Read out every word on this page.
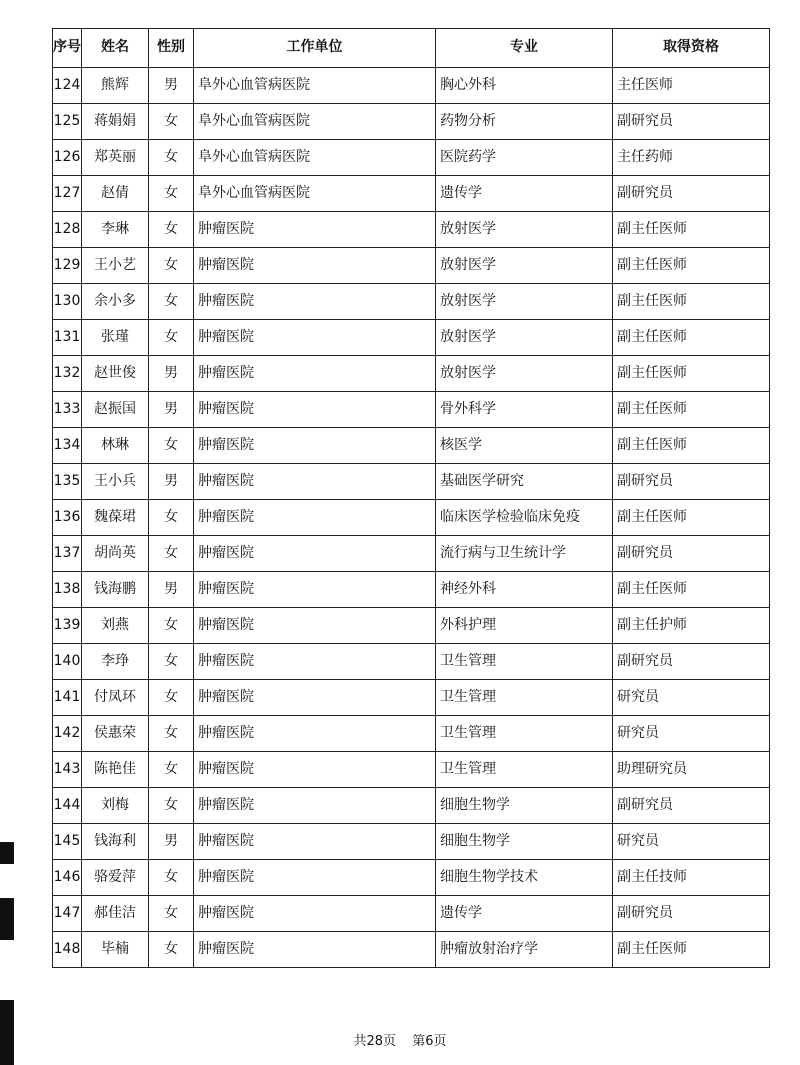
序号	姓名	性别	工作单位	专业	取得资格
124	熊辉	男	阜外心血管病医院	胸心外科	主任医师
125	蒋娟娟	女	阜外心血管病医院	药物分析	副研究员
126	郑英丽	女	阜外心血管病医院	医院药学	主任药师
127	赵倩	女	阜外心血管病医院	遗传学	副研究员
128	李琳	女	肿瘤医院	放射医学	副主任医师
129	王小艺	女	肿瘤医院	放射医学	副主任医师
130	余小多	女	肿瘤医院	放射医学	副主任医师
131	张瑾	女	肿瘤医院	放射医学	副主任医师
132	赵世俊	男	肿瘤医院	放射医学	副主任医师
133	赵振国	男	肿瘤医院	骨外科学	副主任医师
134	林琳	女	肿瘤医院	核医学	副主任医师
135	王小兵	男	肿瘤医院	基础医学研究	副研究员
136	魏葆珺	女	肿瘤医院	临床医学检验临床免疫	副主任医师
137	胡尚英	女	肿瘤医院	流行病与卫生统计学	副研究员
138	钱海鹏	男	肿瘤医院	神经外科	副主任医师
139	刘燕	女	肿瘤医院	外科护理	副主任护师
140	李琤	女	肿瘤医院	卫生管理	副研究员
141	付凤环	女	肿瘤医院	卫生管理	研究员
142	侯惠荣	女	肿瘤医院	卫生管理	研究员
143	陈艳佳	女	肿瘤医院	卫生管理	助理研究员
144	刘梅	女	肿瘤医院	细胞生物学	副研究员
145	钱海利	男	肿瘤医院	细胞生物学	研究员
146	骆爱萍	女	肿瘤医院	细胞生物学技术	副主任技师
147	郝佳洁	女	肿瘤医院	遗传学	副研究员
148	毕楠	女	肿瘤医院	肿瘤放射治疗学	副主任医师
共28页 第6页
